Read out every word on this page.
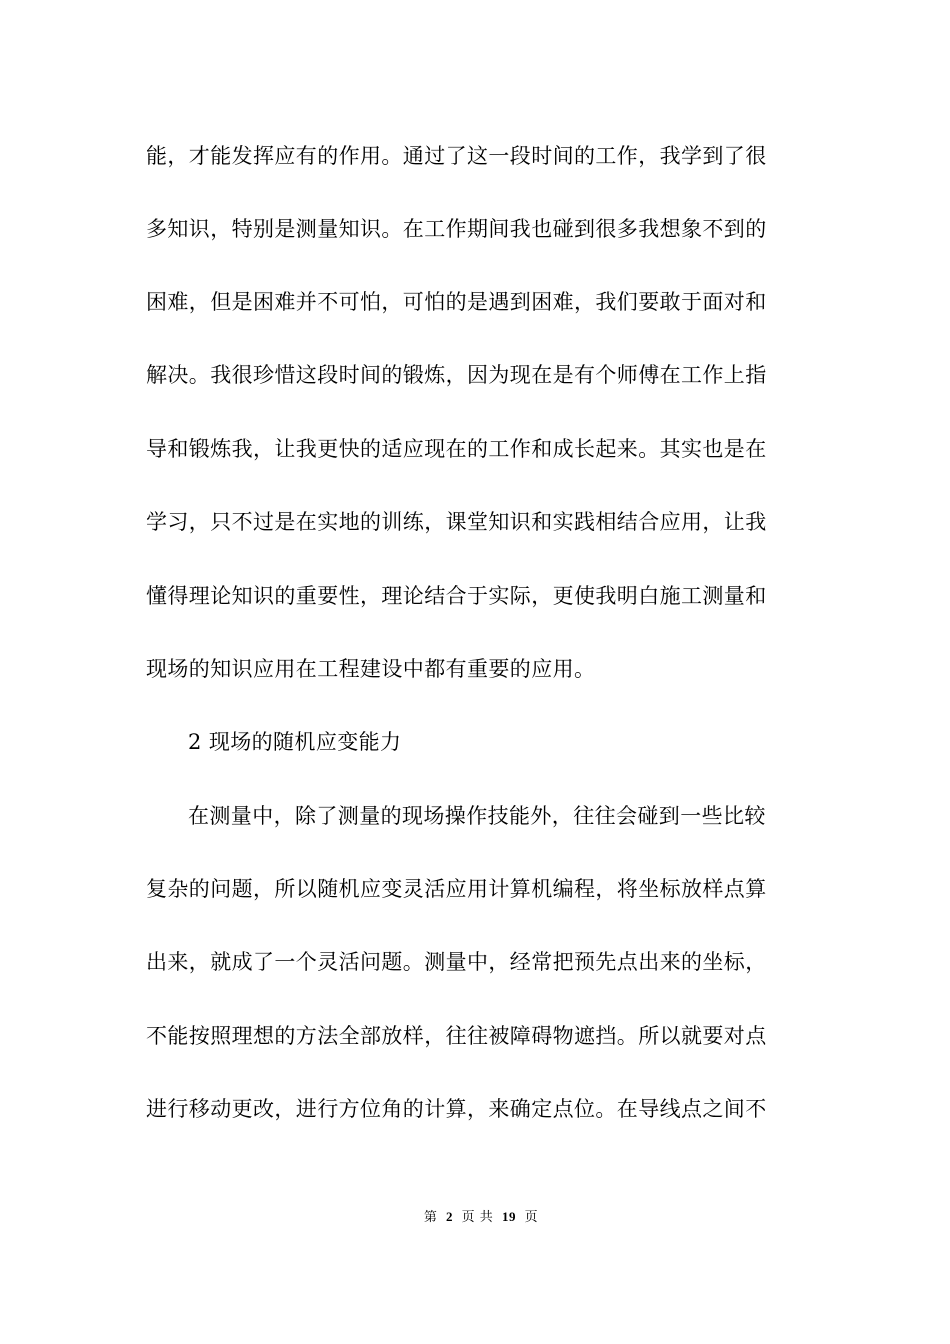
能，才能发挥应有的作用。通过了这一段时间的工作，我学到了很
多知识，特别是测量知识。在工作期间我也碰到很多我想象不到的
困难，但是困难并不可怕，可怕的是遇到困难，我们要敢于面对和
解决。我很珍惜这段时间的锻炼，因为现在是有个师傅在工作上指
导和锻炼我，让我更快的适应现在的工作和成长起来。其实也是在
学习，只不过是在实地的训练，课堂知识和实践相结合应用，让我
懂得理论知识的重要性，理论结合于实际，更使我明白施工测量和
现场的知识应用在工程建设中都有重要的应用。
2 现场的随机应变能力
在测量中，除了测量的现场操作技能外，往往会碰到一些比较
复杂的问题，所以随机应变灵活应用计算机编程，将坐标放样点算
出来，就成了一个灵活问题。测量中，经常把预先点出来的坐标，
不能按照理想的方法全部放样，往往被障碍物遮挡。所以就要对点
进行移动更改，进行方位角的计算，来确定点位。在导线点之间不
第 2 页 共 19 页
